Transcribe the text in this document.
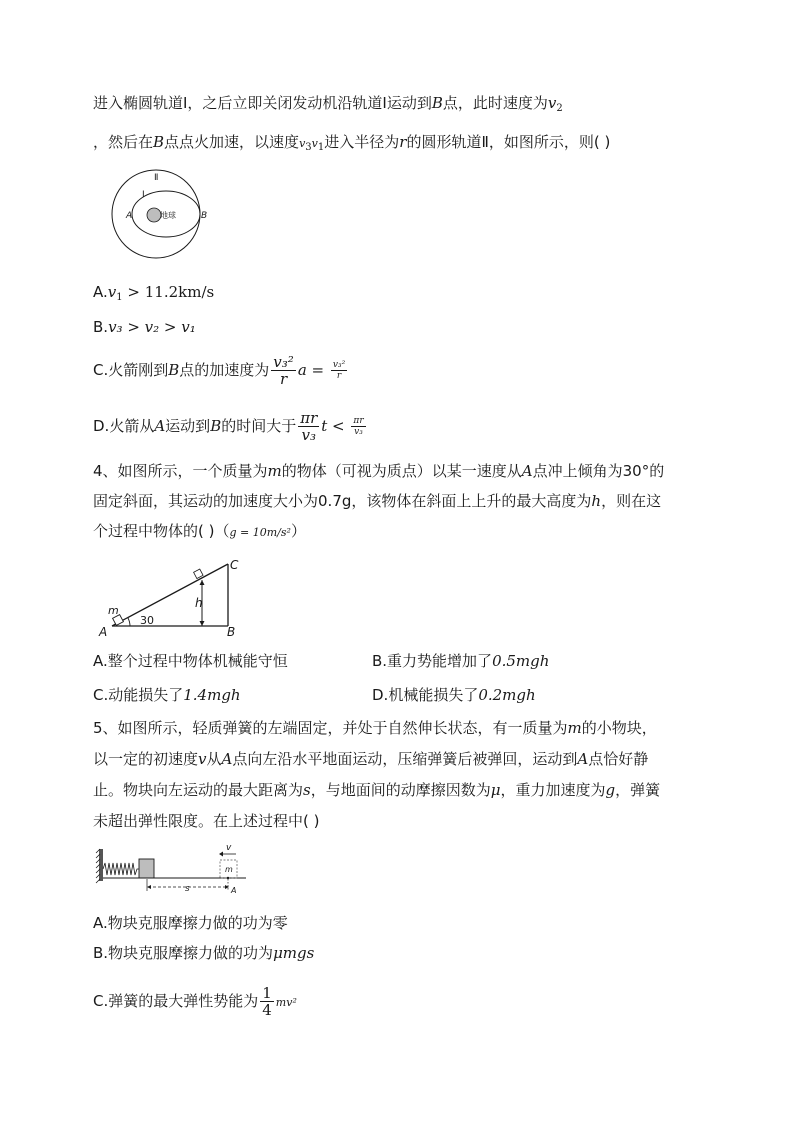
进入椭圆轨道Ⅰ，之后立即关闭发动机沿轨道Ⅰ运动到B点，此时速度为$v_2$
，然后在B点点火加速，以速度$v_3v_1$进入半径为r的圆形轨道Ⅱ，如图所示，则( )
Ⅱ
Ⅰ
A	B
地球
$A.v_1 > 11.2km/s$
B.v₃ > v₂ > v₁
C.火箭刚到B点的加速度为 $\frac{\text{v₃²}}{r}$ $a = \frac{\text{v₃²}}{r}$
D.火箭从A运动到B的时间大于 $\frac{\pi r}{\text{v₃}}$ $t < \frac{\pi r}{\text{v₃}}$
4、如图所示，一个质量为m的物体（可视为质点）以某一速度从A点冲上倾角为30°的
固定斜面，其运动的加速度大小为0.7g，该物体在斜面上上升的最大高度为h，则在这
个过程中物体的( )（g = 10m/s²）
C
h
m
30
A	B
A.整个过程中物体机械能守恒	B.重力势能增加了0.5mgh
C.动能损失了1.4mgh	D.机械能损失了0.2mgh
5、如图所示，轻质弹簧的左端固定，并处于自然伸长状态，有一质量为m的小物块，
以一定的初速度v从A点向左沿水平地面运动，压缩弹簧后被弹回，运动到A点恰好静
止。物块向左运动的最大距离为s，与地面间的动摩擦因数为μ，重力加速度为g，弹簧
未超出弹性限度。在上述过程中( )
v
m
s	A
A.物块克服摩擦力做的功为零
B.物块克服摩擦力做的功为μmgs
C.弹簧的最大弹性势能为 $\frac{1}{4} mv^2$
